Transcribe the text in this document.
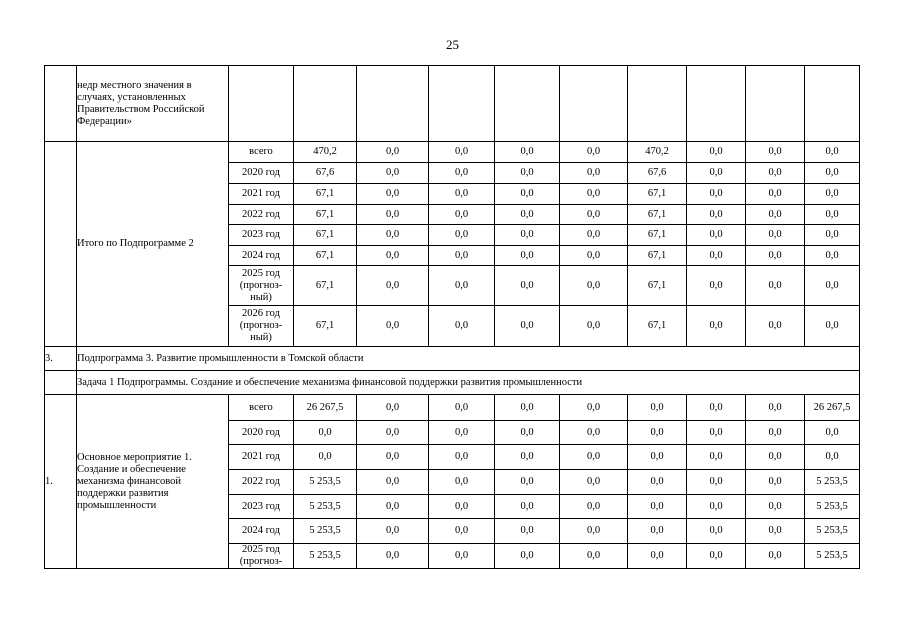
25
	недр местного значения в случаях, установленных Правительством Российской Федерации»										
	Итого по Подпрограмме 2	всего	470,2	0,0	0,0	0,0	0,0	470,2	0,0	0,0	0,0
		2020 год	67,6	0,0	0,0	0,0	0,0	67,6	0,0	0,0	0,0
		2021 год	67,1	0,0	0,0	0,0	0,0	67,1	0,0	0,0	0,0
		2022 год	67,1	0,0	0,0	0,0	0,0	67,1	0,0	0,0	0,0
		2023 год	67,1	0,0	0,0	0,0	0,0	67,1	0,0	0,0	0,0
		2024 год	67,1	0,0	0,0	0,0	0,0	67,1	0,0	0,0	0,0
		2025 год (прогноз-ный)	67,1	0,0	0,0	0,0	0,0	67,1	0,0	0,0	0,0
		2026 год (прогноз-ный)	67,1	0,0	0,0	0,0	0,0	67,1	0,0	0,0	0,0
3.	Подпрограмма 3. Развитие промышленности в Томской области										
	Задача 1 Подпрограммы. Создание и обеспечение механизма финансовой поддержки развития промышленности										
1.	Основное мероприятие 1. Создание и обеспечение механизма финансовой поддержки развития промышленности	всего	26 267,5	0,0	0,0	0,0	0,0	0,0	0,0	0,0	26 267,5
		2020 год	0,0	0,0	0,0	0,0	0,0	0,0	0,0	0,0	0,0
		2021 год	0,0	0,0	0,0	0,0	0,0	0,0	0,0	0,0	0,0
		2022 год	5 253,5	0,0	0,0	0,0	0,0	0,0	0,0	0,0	5 253,5
		2023 год	5 253,5	0,0	0,0	0,0	0,0	0,0	0,0	0,0	5 253,5
		2024 год	5 253,5	0,0	0,0	0,0	0,0	0,0	0,0	0,0	5 253,5
		2025 год (прогноз-	5 253,5	0,0	0,0	0,0	0,0	0,0	0,0	0,0	5 253,5
